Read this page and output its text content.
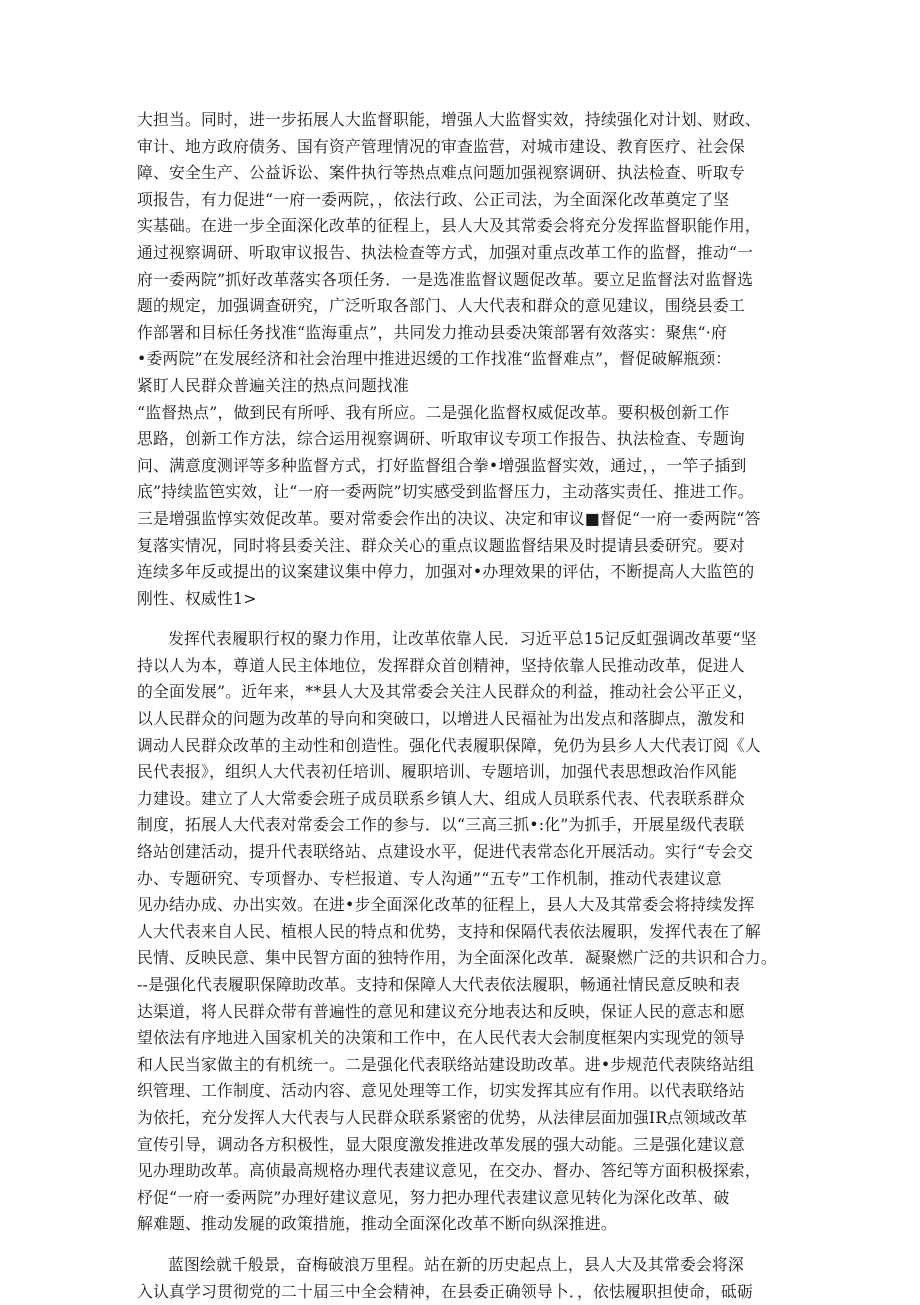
大担当。同时，进一步拓展人大监督职能，增强人大监督实效，持续强化对计划、财政、
审计、地方政府债务、国有资产管理情况的审查监营，对城市建设、教育医疗、社会保
障、安全生产、公益诉讼、案件执行等热点难点问题加强视察调研、执法检查、听取专
项报告，有力促进“一府一委两院，，依法行政、公正司法，为全面深化改革奠定了坚
实基础。在进一步全面深化改革的征程上，县人大及其常委会将充分发挥监督职能作用，
通过视察调研、听取审议报告、执法检查等方式，加强对重点改革工作的监督，推动“一
府一委两院”抓好改革落实各项任务．一是选准监督议题促改革。要立足监督法对监督选
题的规定，加强调查研究，广泛听取各部门、人大代表和群众的意见建议，围绕县委工
作部署和目标任务找准“监海重点”，共同发力推动县委决策部署有效落实：聚焦“·府
•委两院”在发展经济和社会治理中推进迟缓的工作找准“监督难点”，督促破解瓶颈：
紧盯人民群众普遍关注的热点问题找准
“监督热点”，做到民有所呼、我有所应。二是强化监督权威促改革。要积极创新工作
思路，创新工作方法，综合运用视察调研、听取审议专项工作报告、执法检查、专题询
问、满意度测评等多种监督方式，打好监督组合拳•增强监督实效，通过，，一竿子插到
底”持续监笆实效，让“一府一委两院”切实感受到监督压力，主动落实责任、推进工作。
三是增强监惇实效促改革。要对常委会作出的决议、决定和审议■督促“一府一委两院“答
复落实情况，同时将县委关注、群众关心的重点议题监督结果及时提请县委研究。要对
连续多年反或提出的议案建议集中停力，加强对•办理效果的评估，不断提高人大监笆的
刚性、权威性1>
发挥代表履职行权的聚力作用，让改革依靠人民．习近平总15记反虹强调改革要“坚
持以人为本，尊道人民主体地位，发挥群众首创精神，坚持依靠人民推动改革，促进人
的全面发展”。近年来，**县人大及其常委会关注人民群众的利益，推动社会公平正义，
以人民群众的问题为改革的导向和突破口，以增进人民福祉为出发点和落脚点，激发和
调动人民群众改革的主动性和创造性。强化代表履职保障，免仍为县乡人大代表订阅《人
民代表报》，组织人大代表初任培训、履职培训、专题培训，加强代表思想政治作风能
力建设。建立了人大常委会班子成员联系乡镇人大、组成人员联系代表、代表联系群众
制度，拓展人大代表对常委会工作的参与．以“三高三抓•:化”为抓手，开展星级代表联
络站创建活动，提升代表联络站、点建设水平，促进代表常态化开展活动。实行“专会交
办、专题研究、专项督办、专栏报道、专人沟通”“五专”工作机制，推动代表建议意
见办结办成、办出实效。在进•步全面深化改革的征程上，县人大及其常委会将持续发挥
人大代表来自人民、植根人民的特点和优势，支持和保隔代表依法履职，发挥代表在了解
民情、反映民意、集中民智方面的独特作用，为全面深化改革．凝聚燃广泛的共识和合力。
--是强化代表履职保障助改革。支持和保障人大代表依法履职，畅通社情民意反映和表
达渠道，将人民群众带有普遍性的意见和建议充分地表达和反映，保证人民的意志和愿
望依法有序地进入国家机关的决策和工作中，在人民代表大会制度框架内实现党的领导
和人民当家做主的有机统一。二是强化代表联络站建设助改革。进•步规范代表陕络站组
织管理、工作制度、活动内容、意见处理等工作，切实发挥其应有作用。以代表联络站
为依托，充分发挥人大代表与人民群众联系紧密的优势，从法律层面加强IR点领域改革
宣传引导，调动各方积极性，显大限度激发推进改革发展的强大动能。三是强化建议意
见办理助改革。高侦最高规格办理代表建议意见，在交办、督办、答纪等方面积极探索，
杼促“一府一委两院”办理好建议意见，努力把办理代表建议意见转化为深化改革、破
解难题、推动发屣的政策措施，推动全面深化改革不断向纵深推进。
蓝图绘就千般景，奋梅破浪万里程。站在新的历史起点上，县人大及其常委会将深
入认真学习贯彻党的二十届三中全会精神，在县委正确领导卜．，依怯履职担使命，砥砺
